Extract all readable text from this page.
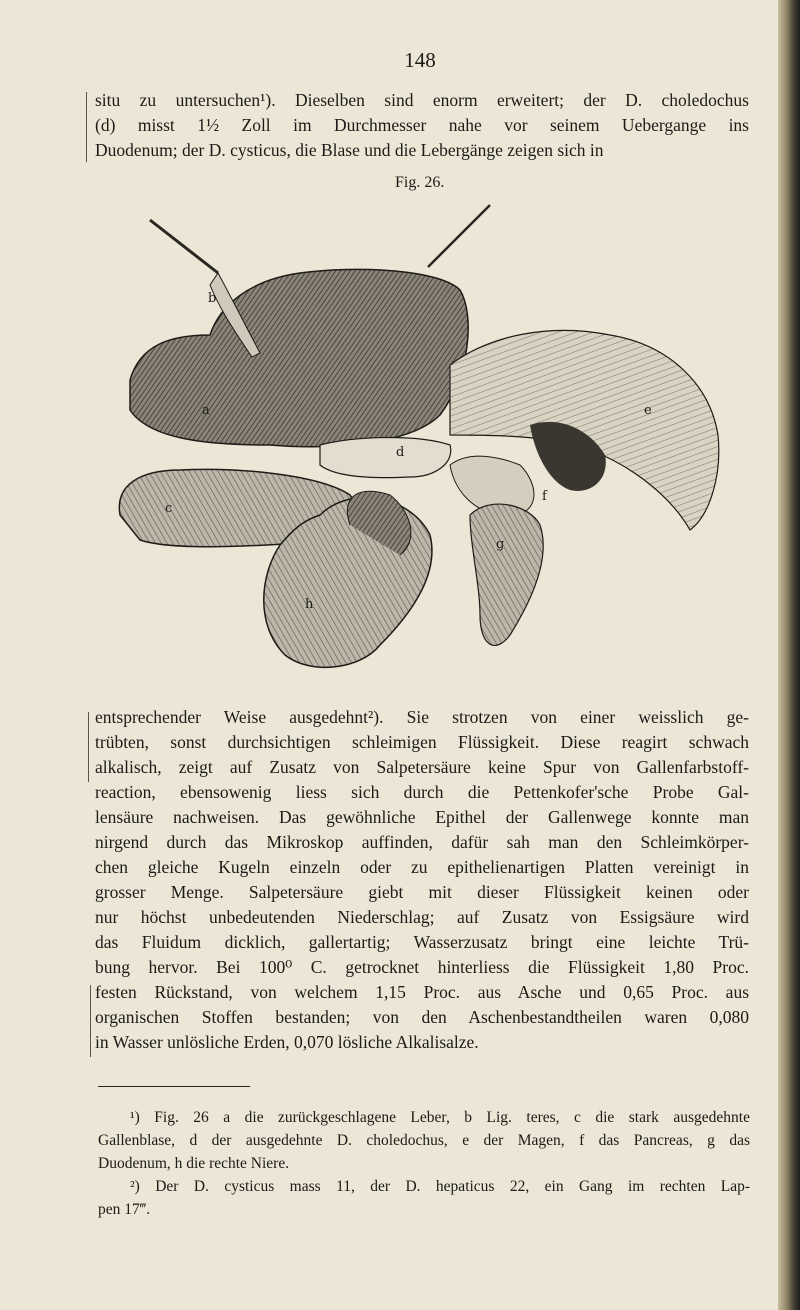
148
situ zu untersuchen¹). Dieselben sind enorm erweitert; der D. choledochus
(d) misst 1½ Zoll im Durchmesser nahe vor seinem Uebergange ins
Duodenum; der D. cysticus, die Blase und die Lebergänge zeigen sich in
Fig. 26.
a
b
c
d
e
f
g
h
entsprechender Weise ausgedehnt²). Sie strotzen von einer weisslich ge-
trübten, sonst durchsichtigen schleimigen Flüssigkeit. Diese reagirt schwach
alkalisch, zeigt auf Zusatz von Salpetersäure keine Spur von Gallenfarbstoff-
reaction, ebensowenig liess sich durch die Pettenkofer'sche Probe Gal-
lensäure nachweisen. Das gewöhnliche Epithel der Gallenwege konnte man
nirgend durch das Mikroskop auffinden, dafür sah man den Schleimkörper-
chen gleiche Kugeln einzeln oder zu epithelienartigen Platten vereinigt in
grosser Menge. Salpetersäure giebt mit dieser Flüssigkeit keinen oder
nur höchst unbedeutenden Niederschlag; auf Zusatz von Essigsäure wird
das Fluidum dicklich, gallertartig; Wasserzusatz bringt eine leichte Trü-
bung hervor. Bei 100⁰ C. getrocknet hinterliess die Flüssigkeit 1,80 Proc.
festen Rückstand, von welchem 1,15 Proc. aus Asche und 0,65 Proc. aus
organischen Stoffen bestanden; von den Aschenbestandtheilen waren 0,080
in Wasser unlösliche Erden, 0,070 lösliche Alkalisalze.
¹) Fig. 26 a die zurückgeschlagene Leber, b Lig. teres, c die stark ausgedehnte
Gallenblase, d der ausgedehnte D. choledochus, e der Magen, f das Pancreas, g das
Duodenum, h die rechte Niere.
²) Der D. cysticus mass 11, der D. hepaticus 22, ein Gang im rechten Lap-
pen 17‴.
